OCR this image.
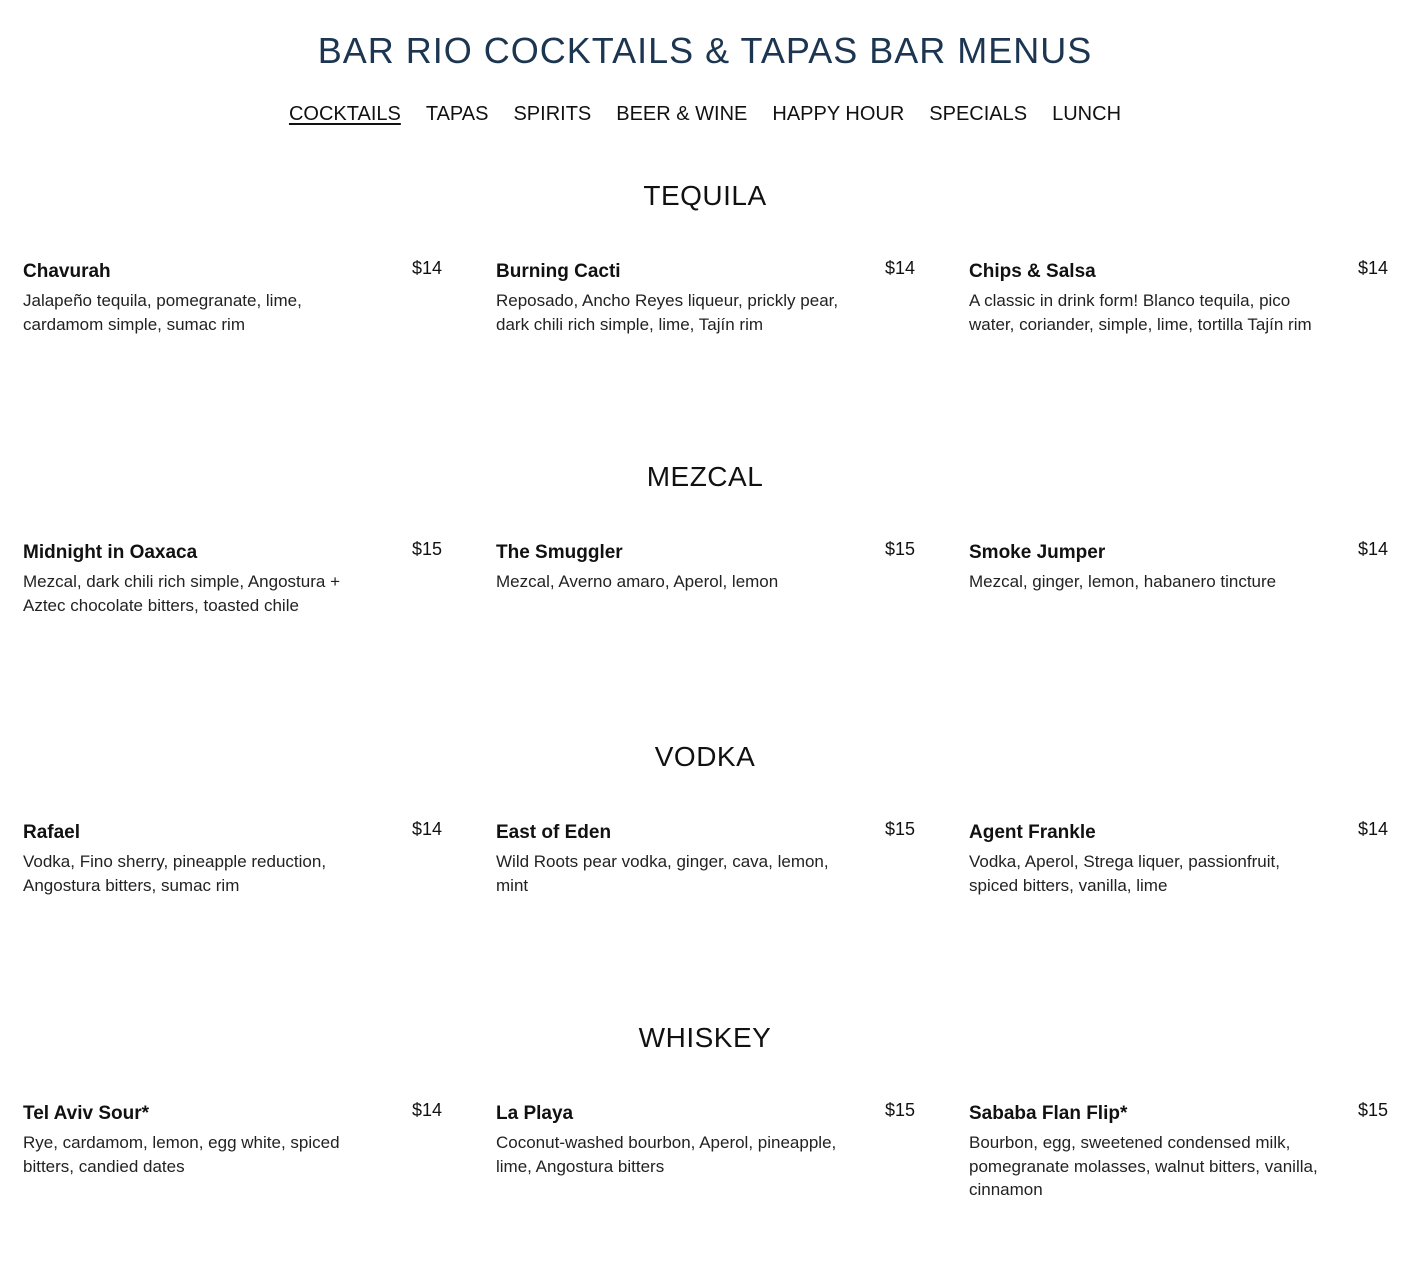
BAR RIO COCKTAILS & TAPAS BAR MENUS
COCKTAILS TAPAS SPIRITS BEER & WINE HAPPY HOUR SPECIALS LUNCH
TEQUILA
Chavurah	$14
Jalapeño tequila, pomegranate, lime, cardamom simple, sumac rim
Burning Cacti	$14
Reposado, Ancho Reyes liqueur, prickly pear, dark chili rich simple, lime, Tajín rim
Chips & Salsa	$14
A classic in drink form! Blanco tequila, pico water, coriander, simple, lime, tortilla Tajín rim
MEZCAL
Midnight in Oaxaca	$15
Mezcal, dark chili rich simple, Angostura + Aztec chocolate bitters, toasted chile
The Smuggler	$15
Mezcal, Averno amaro, Aperol, lemon
Smoke Jumper	$14
Mezcal, ginger, lemon, habanero tincture
VODKA
Rafael	$14
Vodka, Fino sherry, pineapple reduction, Angostura bitters, sumac rim
East of Eden	$15
Wild Roots pear vodka, ginger, cava, lemon, mint
Agent Frankle	$14
Vodka, Aperol, Strega liquer, passionfruit, spiced bitters, vanilla, lime
WHISKEY
Tel Aviv Sour*	$14
Rye, cardamom, lemon, egg white, spiced bitters, candied dates
La Playa	$15
Coconut-washed bourbon, Aperol, pineapple, lime, Angostura bitters
Sababa Flan Flip*	$15
Bourbon, egg, sweetened condensed milk, pomegranate molasses, walnut bitters, vanilla, cinnamon
